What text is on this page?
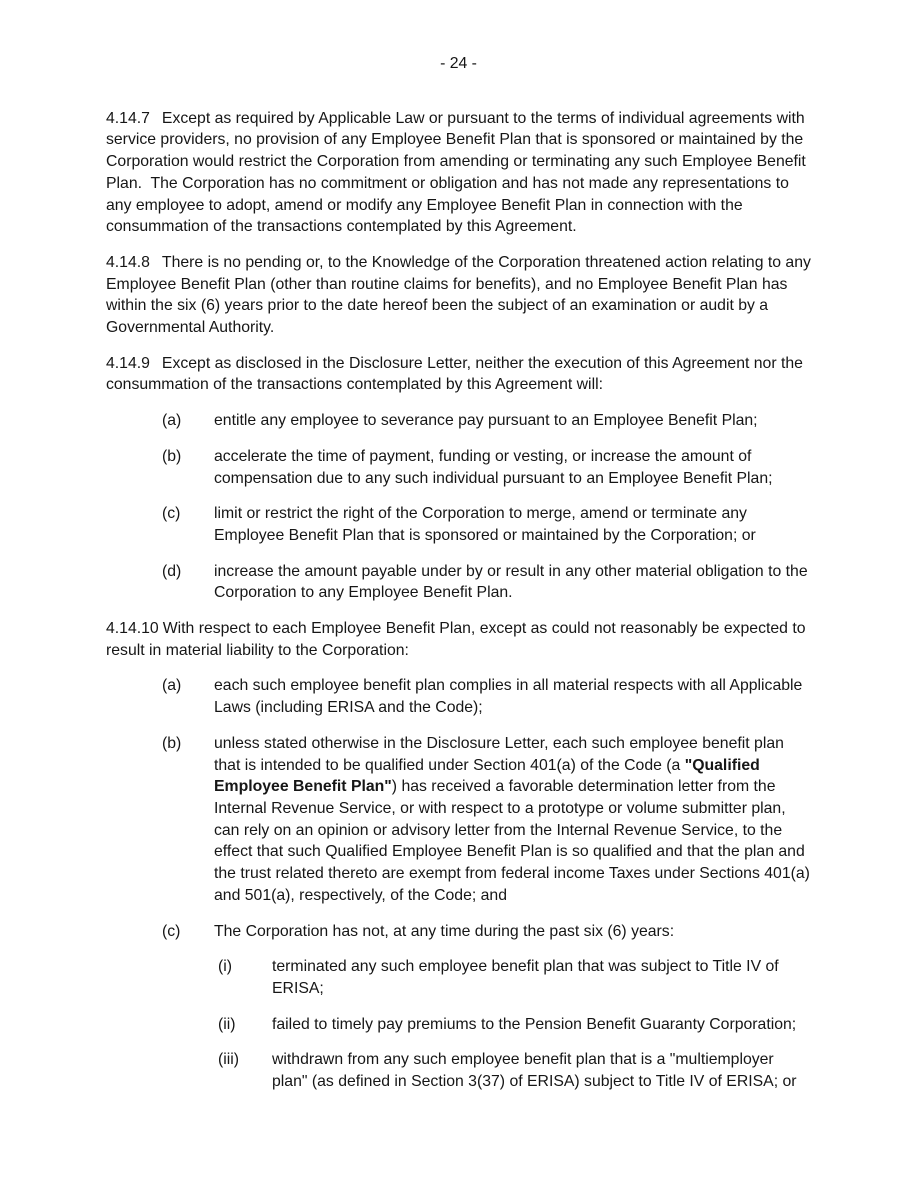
- 24 -

4.14.7 Except as required by Applicable Law or pursuant to the terms of individual agreements with service providers, no provision of any Employee Benefit Plan that is sponsored or maintained by the Corporation would restrict the Corporation from amending or terminating any such Employee Benefit Plan.  The Corporation has no commitment or obligation and has not made any representations to any employee to adopt, amend or modify any Employee Benefit Plan in connection with the consummation of the transactions contemplated by this Agreement.

4.14.8 There is no pending or, to the Knowledge of the Corporation threatened action relating to any Employee Benefit Plan (other than routine claims for benefits), and no Employee Benefit Plan has within the six (6) years prior to the date hereof been the subject of an examination or audit by a Governmental Authority.

4.14.9 Except as disclosed in the Disclosure Letter, neither the execution of this Agreement nor the consummation of the transactions contemplated by this Agreement will:

(a) entitle any employee to severance pay pursuant to an Employee Benefit Plan;
(b) accelerate the time of payment, funding or vesting, or increase the amount of compensation due to any such individual pursuant to an Employee Benefit Plan;
(c) limit or restrict the right of the Corporation to merge, amend or terminate any Employee Benefit Plan that is sponsored or maintained by the Corporation; or
(d) increase the amount payable under by or result in any other material obligation to the Corporation to any Employee Benefit Plan.

4.14.10 With respect to each Employee Benefit Plan, except as could not reasonably be expected to result in material liability to the Corporation:

(a) each such employee benefit plan complies in all material respects with all Applicable Laws (including ERISA and the Code);
(b) unless stated otherwise in the Disclosure Letter, each such employee benefit plan that is intended to be qualified under Section 401(a) of the Code (a "Qualified Employee Benefit Plan") has received a favorable determination letter from the Internal Revenue Service, or with respect to a prototype or volume submitter plan, can rely on an opinion or advisory letter from the Internal Revenue Service, to the effect that such Qualified Employee Benefit Plan is so qualified and that the plan and the trust related thereto are exempt from federal income Taxes under Sections 401(a) and 501(a), respectively, of the Code; and
(c) The Corporation has not, at any time during the past six (6) years:
(i)	terminated any such employee benefit plan that was subject to Title IV of ERISA;
(ii) failed to timely pay premiums to the Pension Benefit Guaranty Corporation;
(iii) withdrawn from any such employee benefit plan that is a "multiemployer plan" (as defined in Section 3(37) of ERISA) subject to Title IV of ERISA; or
